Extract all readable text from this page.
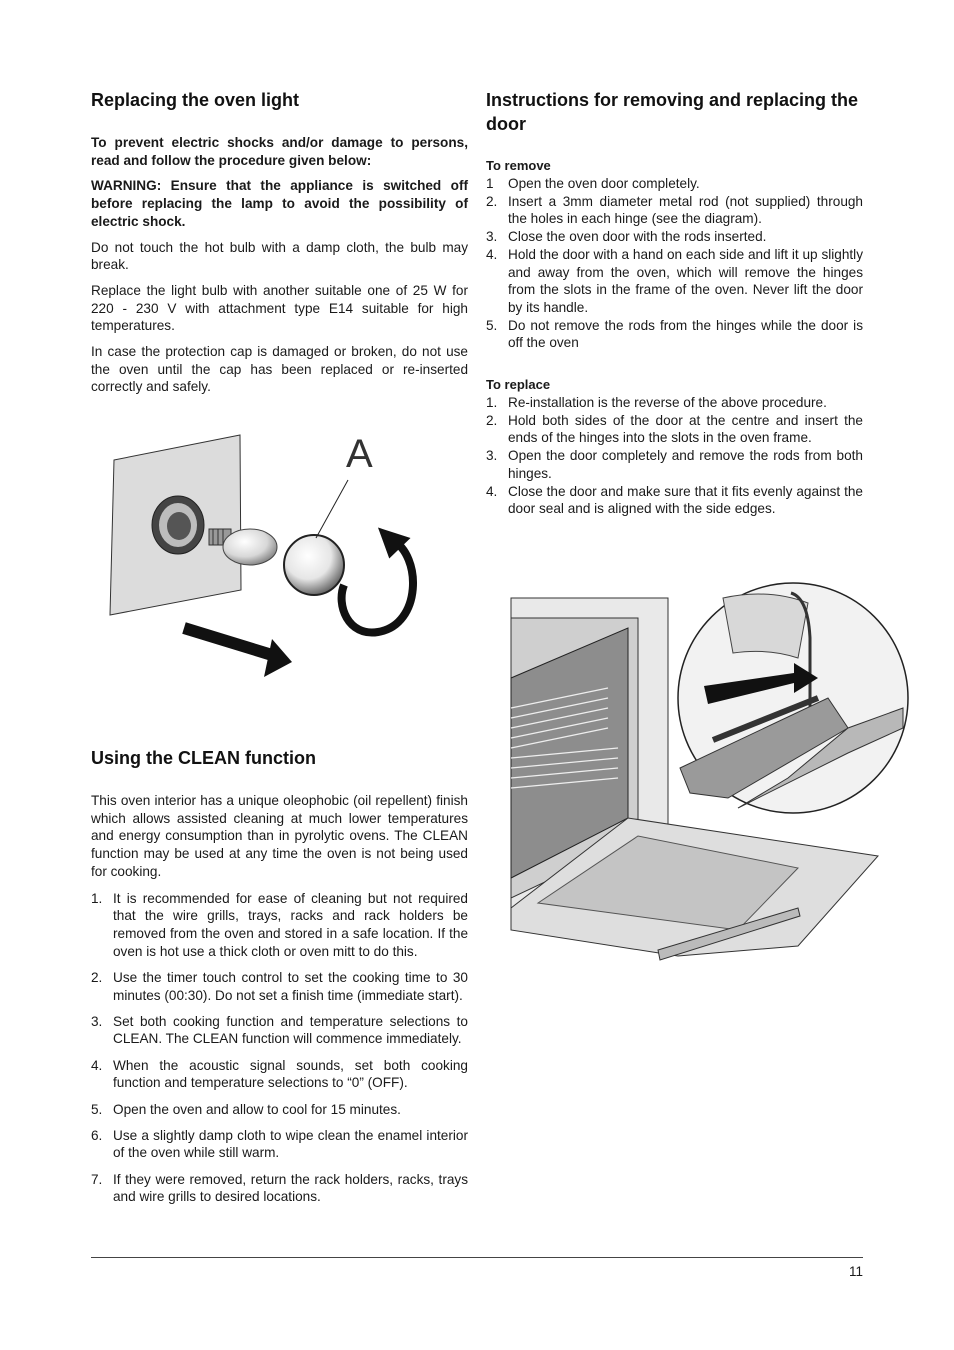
Replacing the oven light

To prevent electric shocks and/or damage to persons, read and follow the procedure given below:

WARNING: Ensure that the appliance is switched off before replacing the lamp to avoid the possibility of electric shock.

Do not touch the hot bulb with a damp cloth, the bulb may break.

Replace the light bulb with another suitable one of 25 W for 220 - 230 V with attachment type E14 suitable for high temperatures.

In case the protection cap is damaged or broken, do not use the oven until the cap has been replaced or re-inserted correctly and safely.

A
Using the CLEAN function

This oven interior has a unique oleophobic (oil repellent) finish which allows assisted cleaning at much lower temperatures and energy consumption than in pyrolytic ovens. The CLEAN function may be used at any time the oven is not being used for cooking.

1. It is recommended for ease of cleaning but not required that the wire grills, trays, racks and rack holders be removed from the oven and stored in a safe location. If the oven is hot use a thick cloth or oven mitt to do this.
2. Use the timer touch control to set the cooking time to 30 minutes (00:30). Do not set a finish time (immediate start).
3. Set both cooking function and temperature selections to CLEAN. The CLEAN function will commence immediately.
4. When the acoustic signal sounds, set both cooking function and temperature selections to “0” (OFF).
5. Open the oven and allow to cool for 15 minutes.
6. Use a slightly damp cloth to wipe clean the enamel interior of the oven while still warm.
7. If they were removed, return the rack holders, racks, trays and wire grills to desired locations.
Instructions for removing and replacing the door
To remove
1 Open the oven door completely.
2. Insert a 3mm diameter metal rod (not supplied) through the holes in each hinge (see the diagram).
3. Close the oven door with the rods inserted.
4. Hold the door with a hand on each side and lift it up slightly and away from the oven, which will remove the hinges from the slots in the frame of the oven. Never lift the door by its handle.
5. Do not remove the rods from the hinges while the door is off the oven
To replace
1. Re-installation is the reverse of the above procedure.
2. Hold both sides of the door at the centre and insert the ends of the hinges into the slots in the oven frame.
3. Open the door completely and remove the rods from both hinges.
4. Close the door and make sure that it fits evenly against the door seal and is aligned with the side edges.
11
